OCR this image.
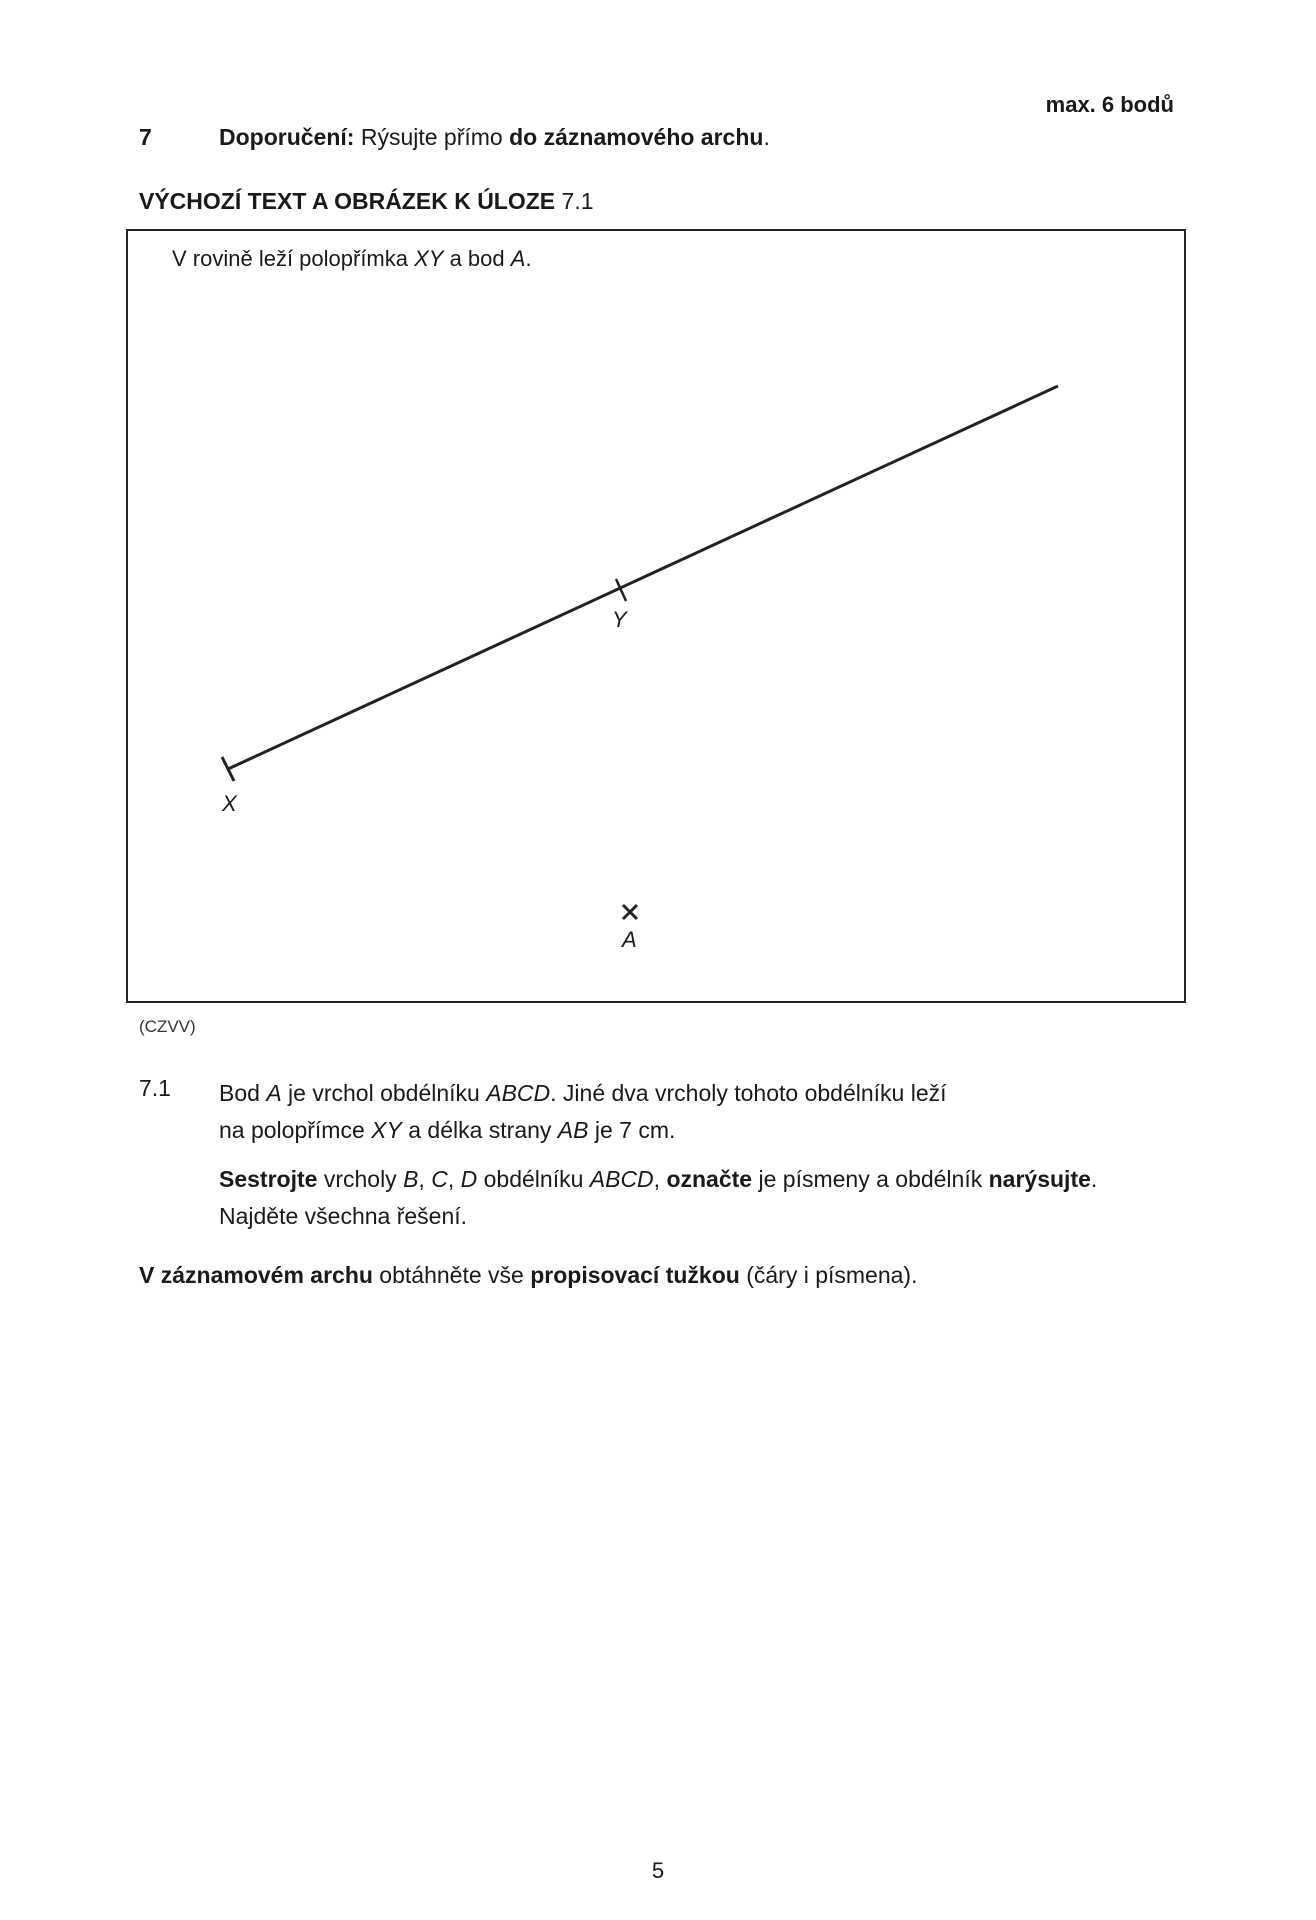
max. 6 bodů
7	Doporučení: Rýsujte přímo do záznamového archu.
VÝCHOZÍ TEXT A OBRÁZEK K ÚLOZE 7.1
V rovině leží polopřímka XY a bod A.
X
Y
A
(CZVV)
7.1	Bod A je vrchol obdélníku ABCD. Jiné dva vrcholy tohoto obdélníku leží
na polopřímce XY a délka strany AB je 7 cm.

Sestrojte vrcholy B, C, D obdélníku ABCD, označte je písmeny a obdélník narýsujte.
Najděte všechna řešení.

V záznamovém archu obtáhněte vše propisovací tužkou (čáry i písmena).
5
